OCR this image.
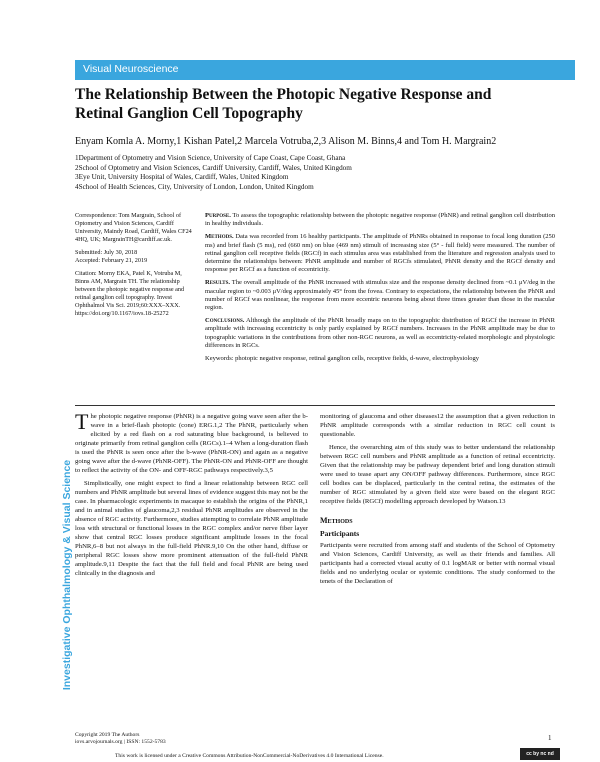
Visual Neuroscience
The Relationship Between the Photopic Negative Response and Retinal Ganglion Cell Topography
Enyam Komla A. Morny,1 Kishan Patel,2 Marcela Votruba,2,3 Alison M. Binns,4 and Tom H. Margrain2
1Department of Optometry and Vision Science, University of Cape Coast, Cape Coast, Ghana
2School of Optometry and Vision Sciences, Cardiff University, Cardiff, Wales, United Kingdom
3Eye Unit, University Hospital of Wales, Cardiff, Wales, United Kingdom
4School of Health Sciences, City, University of London, London, United Kingdom

Correspondence: Tom Margrain, School of Optometry and Vision Sciences, Cardiff University, Maindy Road, Cardiff, Wales CF24 4HQ, UK; MargrainTH@cardiff.ac.uk.

Submitted: July 30, 2018
Accepted: February 21, 2019

Citation: Morny EKA, Patel K, Votruba M, Binns AM, Margrain TH. The relationship between the photopic negative response and retinal ganglion cell topography. Invest Ophthalmol Vis Sci. 2019;60:XXX–XXX. https://doi.org/10.1167/iovs.18-25272

Purpose. To assess the topographic relationship between the photopic negative response (PhNR) and retinal ganglion cell distribution in healthy individuals.

Methods. Data was recorded from 16 healthy participants. The amplitude of PhNRs obtained in response to focal long duration (250 ms) and brief flash (5 ms), red (660 nm) on blue (469 nm) stimuli of increasing size (5° - full field) were measured. The number of retinal ganglion cell receptive fields (RGCf) in each stimulus area was established from the literature and regression analysis used to determine the relationships between: PhNR amplitude and number of RGCfs stimulated, PhNR density and the RGCf density and response per RGCf as a function of eccentricity.

Results. The overall amplitude of the PhNR increased with stimulus size and the response density declined from ~0.1 μV/deg in the macular region to ~0.003 μV/deg approximately 45° from the fovea. Contrary to expectations, the relationship between the PhNR and number of RGCf was nonlinear, the response from more eccentric neurons being about three times greater than those in the macular region.

Conclusions. Although the amplitude of the PhNR broadly maps on to the topographic distribution of RGCf the increase in PhNR amplitude with increasing eccentricity is only partly explained by RGCf numbers. Increases in the PhNR amplitude may be due to topographic variations in the contributions from other non-RGC neurons, as well as eccentricity-related morphologic and physiologic differences in RGCs.

Keywords: photopic negative response, retinal ganglion cells, receptive fields, d-wave, electrophysiology

Investigative Ophthalmology & Visual Science

The photopic negative response (PhNR) is a negative going wave seen after the b-wave in a brief-flash photopic (cone) ERG.1,2 The PhNR, particularly when elicited by a red flash on a rod saturating blue background, is believed to originate primarily from retinal ganglion cells (RGCs).1–4 When a long-duration flash is used the PhNR is seen once after the b-wave (PhNR-ON) and again as a negative going wave after the d-wave (PhNR-OFF). The PhNR-ON and PhNR-OFF are thought to reflect the activity of the ON- and OFF-RGC pathways respectively.3,5

Simplistically, one might expect to find a linear relationship between RGC cell numbers and PhNR amplitude but several lines of evidence suggest this may not be the case. In pharmacologic experiments in macaque to establish the origins of the PhNR,1 and in animal studies of glaucoma,2,3 residual PhNR amplitudes are observed in the absence of RGC activity. Furthermore, studies attempting to correlate PhNR amplitude loss with structural or functional losses in the RGC complex and/or nerve fiber layer show that central RGC losses produce significant amplitude losses in the focal PhNR,6–8 but not always in the full-field PhNR.9,10 On the other hand, diffuse or peripheral RGC losses show more prominent attenuation of the full-field PhNR amplitude.9,11 Despite the fact that the full field and focal PhNR are being used clinically in the diagnosis and

monitoring of glaucoma and other diseases12 the assumption that a given reduction in PhNR amplitude corresponds with a similar reduction in RGC cell count is questionable.

Hence, the overarching aim of this study was to better understand the relationship between RGC cell numbers and PhNR amplitude as a function of retinal eccentricity. Given that the relationship may be pathway dependent brief and long duration stimuli were used to tease apart any ON/OFF pathway differences. Furthermore, since RGC cell bodies can be displaced, particularly in the central retina, the estimates of the number of RGC stimulated by a given field size were based on the elegant RGC receptive fields (RGCf) modelling approach developed by Watson.13

Methods
Participants

Participants were recruited from among staff and students of the School of Optometry and Vision Sciences, Cardiff University, as well as their friends and families. All participants had a corrected visual acuity of 0.1 logMAR or better with normal visual fields and no underlying ocular or systemic conditions. The study conformed to the tenets of the Declaration of

Copyright 2019 The Authors
iovs.arvojournals.org | ISSN: 1552-5783	1
This work is licensed under a Creative Commons Attribution-NonCommercial-NoDerivatives 4.0 International License.	cc by nc nd
